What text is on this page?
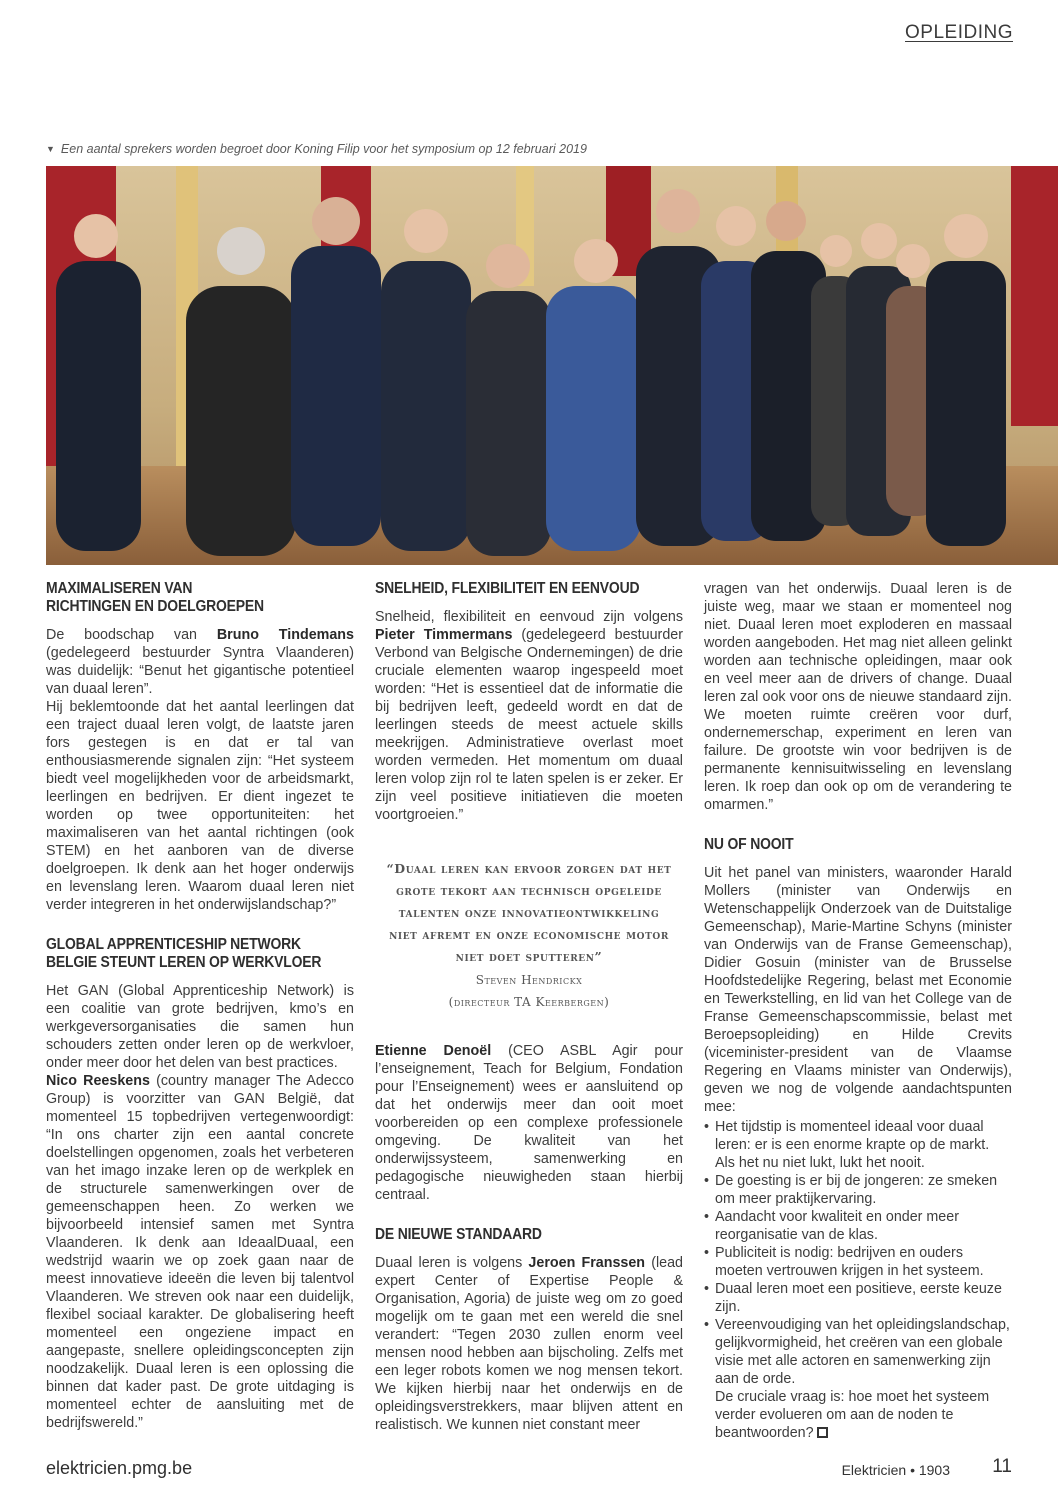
OPLEIDING
▼ Een aantal sprekers worden begroet door Koning Filip voor het symposium op 12 februari 2019
MAXIMALISEREN VAN
RICHTINGEN EN DOELGROEPEN

De boodschap van Bruno Tindemans (gedelegeerd bestuurder Syntra Vlaanderen) was duidelijk: “Benut het gigantische potentieel van duaal leren”.

Hij beklemtoonde dat het aantal leerlingen dat een traject duaal leren volgt, de laatste jaren fors gestegen is en dat er tal van enthousiasmerende signalen zijn: “Het systeem biedt veel mogelijkheden voor de arbeidsmarkt, leerlingen en bedrijven. Er dient ingezet te worden op twee opportuniteiten: het maximaliseren van het aantal richtingen (ook STEM) en het aanboren van de diverse doelgroepen. Ik denk aan het hoger onderwijs en levenslang leren. Waarom duaal leren niet verder integreren in het onderwijslandschap?”

GLOBAL APPRENTICESHIP NETWORK
BELGIE STEUNT LEREN OP WERKVLOER

Het GAN (Global Apprenticeship Network) is een coalitie van grote bedrijven, kmo’s en werkgeversorganisaties die samen hun schouders zetten onder leren op de werkvloer, onder meer door het delen van best practices.

Nico Reeskens (country manager The Adecco Group) is voorzitter van GAN België, dat momenteel 15 topbedrijven vertegenwoordigt: “In ons charter zijn een aantal concrete doelstellingen opgenomen, zoals het verbeteren van het imago inzake leren op de werkplek en de structurele samenwerkingen over de gemeenschappen heen. Zo werken we bijvoorbeeld intensief samen met Syntra Vlaanderen. Ik denk aan IdeaalDuaal, een wedstrijd waarin we op zoek gaan naar de meest innovatieve ideeën die leven bij talentvol Vlaanderen. We streven ook naar een duidelijk, flexibel sociaal karakter. De globalisering heeft momenteel een ongeziene impact en aangepaste, snellere opleidingsconcepten zijn noodzakelijk. Duaal leren is een oplossing die binnen dat kader past. De grote uitdaging is momenteel echter de aansluiting met de bedrijfswereld.”

SNELHEID, FLEXIBILITEIT EN EENVOUD

Snelheid, flexibiliteit en eenvoud zijn volgens Pieter Timmermans (gedelegeerd bestuurder Verbond van Belgische Ondernemingen) de drie cruciale elementen waarop ingespeeld moet worden: “Het is essentieel dat de informatie die bij bedrijven leeft, gedeeld wordt en dat de leerlingen steeds de meest actuele skills meekrijgen. Administratieve overlast moet worden vermeden. Het momentum om duaal leren volop zijn rol te laten spelen is er zeker. Er zijn veel positieve initiatieven die moeten voortgroeien.”

“Duaal leren kan ervoor zorgen dat het grote tekort aan technisch opgeleide talenten onze innovatieontwikkeling niet afremt en onze economische motor niet doet sputteren”
Steven Hendrickx
(directeur TA Keerbergen)

Etienne Denoël (CEO ASBL Agir pour l’enseignement, Teach for Belgium, Fondation pour l’Enseignement) wees er aansluitend op dat het onderwijs meer dan ooit moet voorbereiden op een complexe professionele omgeving. De kwaliteit van het onderwijssysteem, samenwerking en pedagogische nieuwigheden staan hierbij centraal.

DE NIEUWE STANDAARD

Duaal leren is volgens Jeroen Franssen (lead expert Center of Expertise People & Organisation, Agoria) de juiste weg om zo goed mogelijk om te gaan met een wereld die snel verandert: “Tegen 2030 zullen enorm veel mensen nood hebben aan bijscholing. Zelfs met een leger robots komen we nog mensen tekort. We kijken hierbij naar het onderwijs en de opleidingsverstrekkers, maar blijven attent en realistisch. We kunnen niet constant meer

vragen van het onderwijs. Duaal leren is de juiste weg, maar we staan er momenteel nog niet. Duaal leren moet exploderen en massaal worden aangeboden. Het mag niet alleen gelinkt worden aan technische opleidingen, maar ook en veel meer aan de drivers of change. Duaal leren zal ook voor ons de nieuwe standaard zijn. We moeten ruimte creëren voor durf, ondernemerschap, experiment en leren van failure. De grootste win voor bedrijven is de permanente kennisuitwisseling en levenslang leren. Ik roep dan ook op om de verandering te omarmen.”

NU OF NOOIT

Uit het panel van ministers, waaronder Harald Mollers (minister van Onderwijs en Wetenschappelijk Onderzoek van de Duitstalige Gemeenschap), Marie-Martine Schyns (minister van Onderwijs van de Franse Gemeenschap), Didier Gosuin (minister van de Brusselse Hoofdstedelijke Regering, belast met Economie en Tewerkstelling, en lid van het College van de Franse Gemeenschapscommissie, belast met Beroepsopleiding) en Hilde Crevits (viceminister-president van de Vlaamse Regering en Vlaams minister van Onderwijs), geven we nog de volgende aandachtspunten mee:

• Het tijdstip is momenteel ideaal voor duaal leren: er is een enorme krapte op de markt. Als het nu niet lukt, lukt het nooit.
• De goesting is er bij de jongeren: ze smeken om meer praktijkervaring.
• Aandacht voor kwaliteit en onder meer reorganisatie van de klas.
• Publiciteit is nodig: bedrijven en ouders moeten vertrouwen krijgen in het systeem.
• Duaal leren moet een positieve, eerste keuze zijn.
• Vereenvoudiging van het opleidingslandschap, gelijkvormigheid, het creëren van een globale visie met alle actoren en samenwerking zijn aan de orde.

De cruciale vraag is: hoe moet het systeem verder evolueren om aan de noden te beantwoorden?

elektricien.pmg.be	Elektricien • 1903 11
